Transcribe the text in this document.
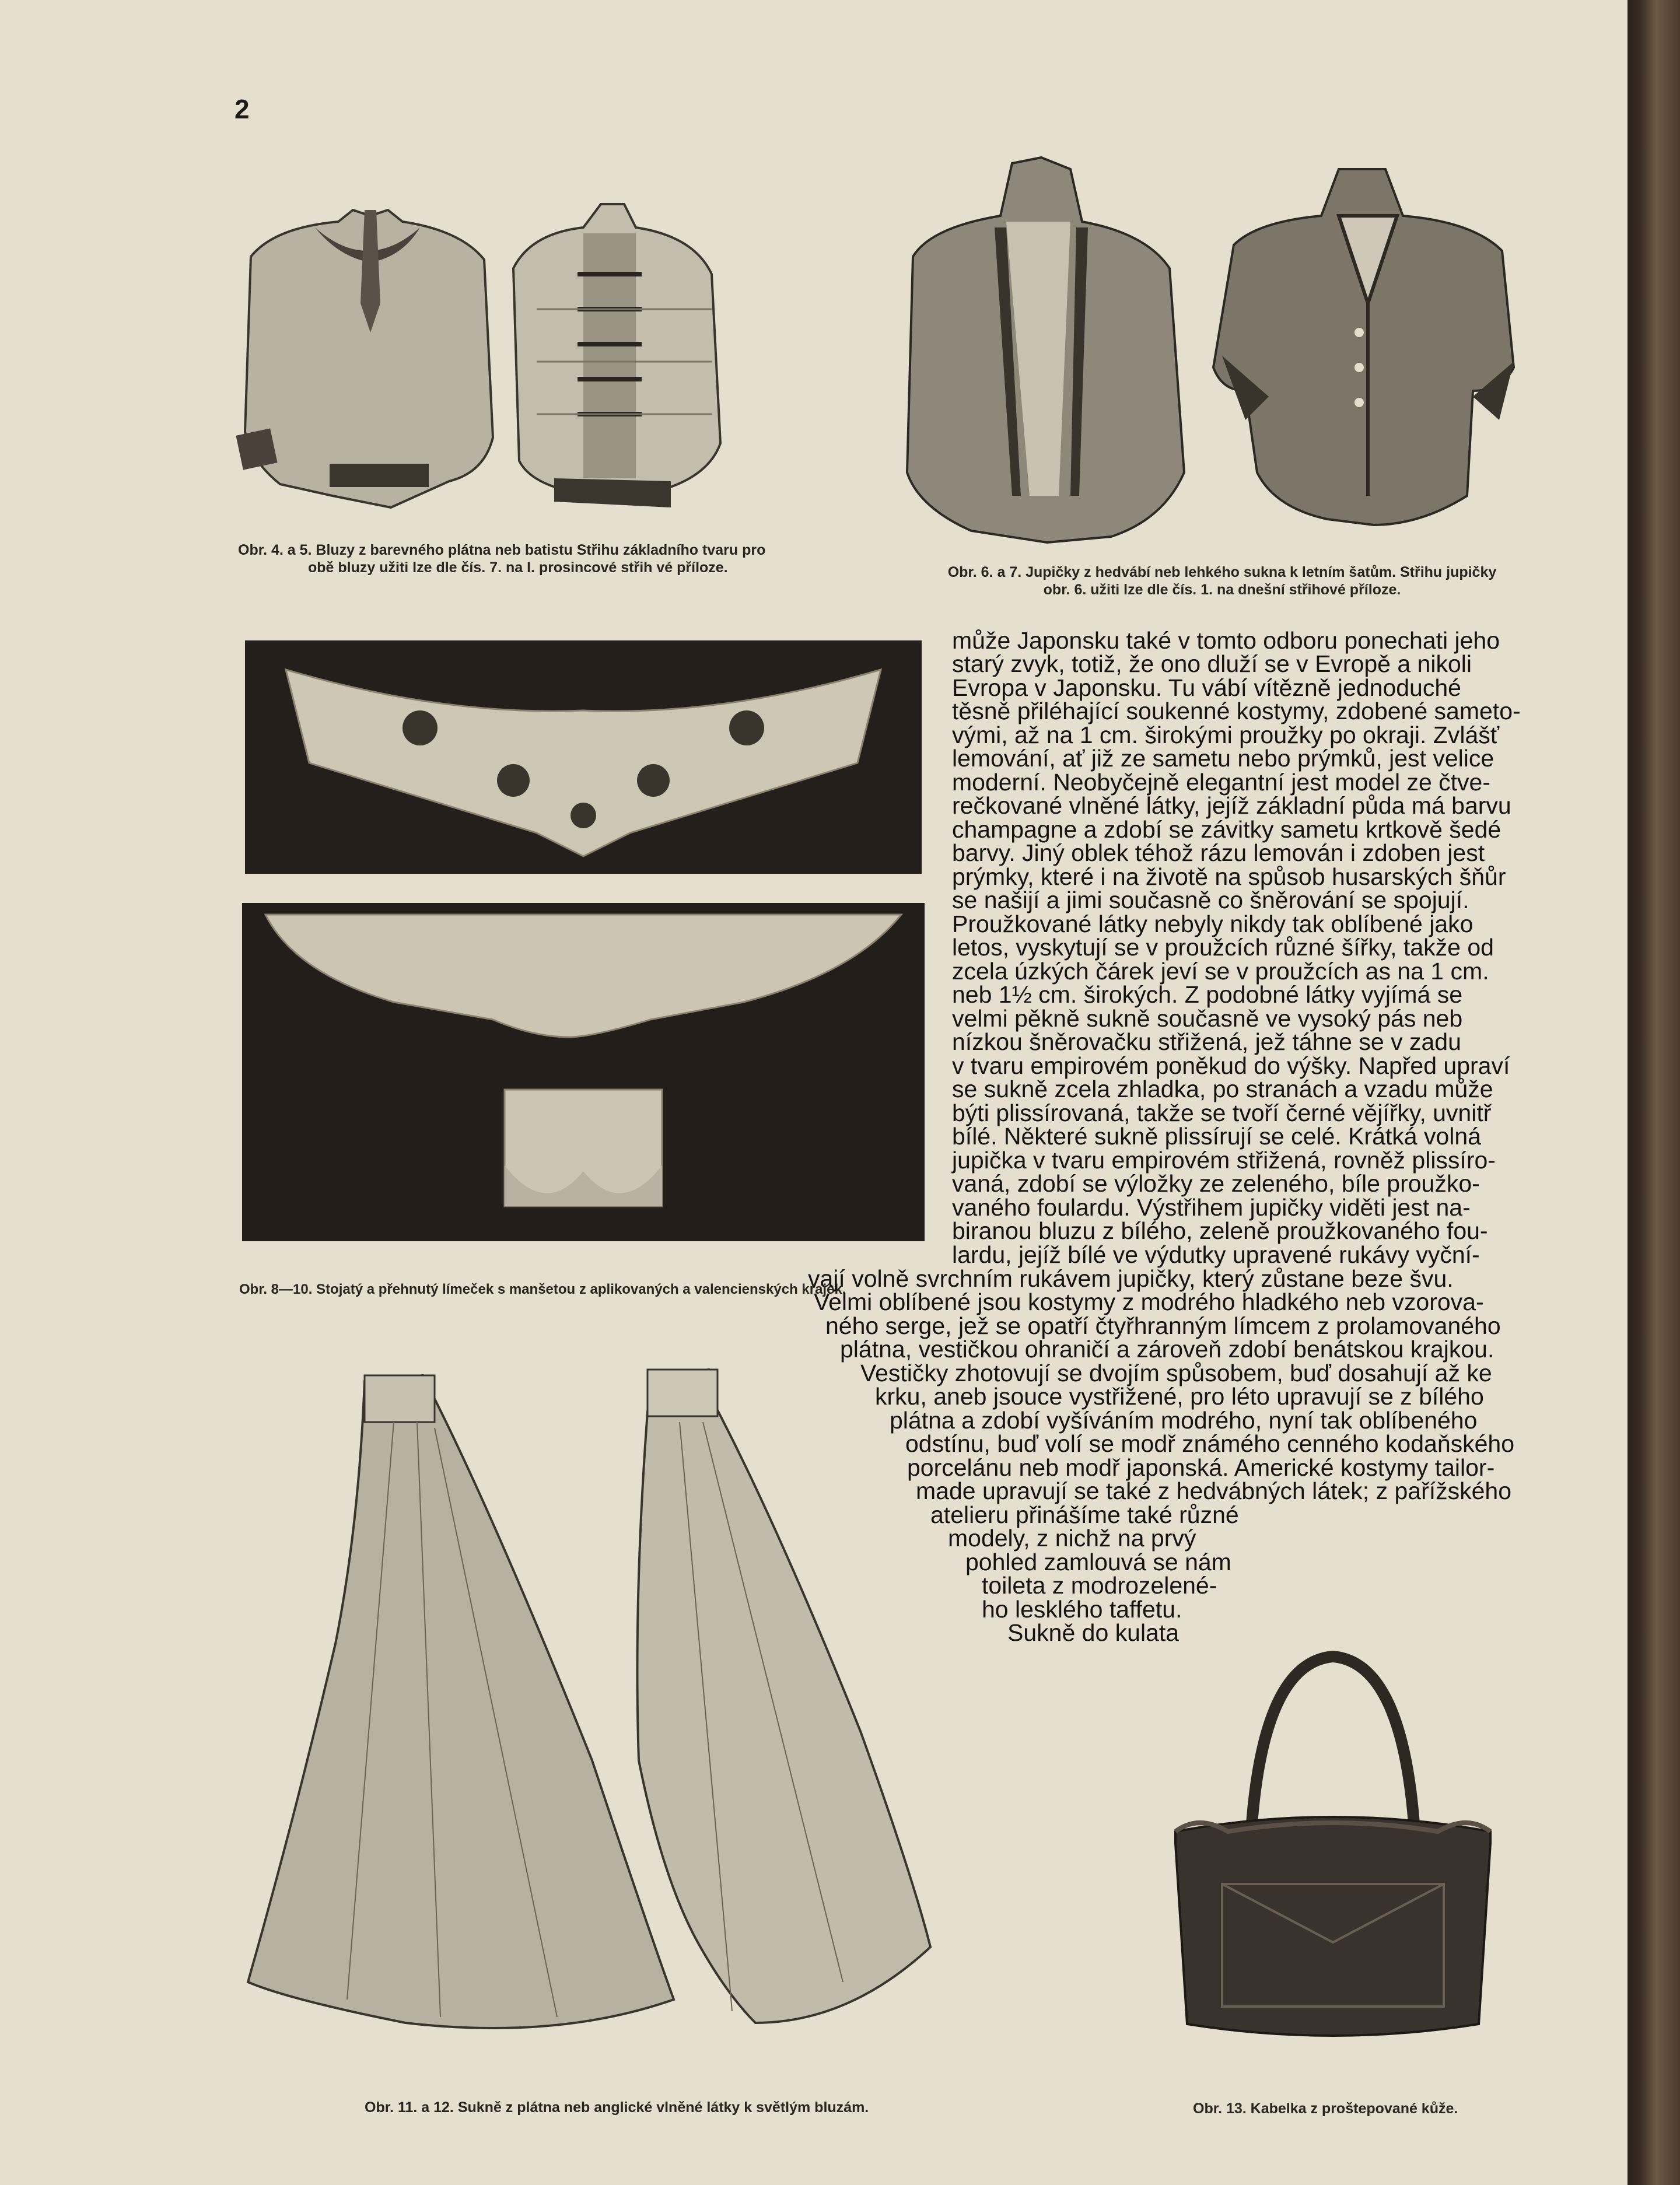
2

Obr. 4. a 5. Bluzy z barevného plátna neb batistu Střihu základního tvaru pro
obě bluzy užiti lze dle čís. 7. na I. prosincové střih vé příloze.	Obr. 6. a 7. Jupičky z hedvábí neb lehkého sukna k letním šatům. Střihu jupičky
obr. 6. užiti lze dle čís. 1. na dnešní střihové příloze.

Obr. 8—10. Stojatý a přehnutý límeček s manšetou z aplikovaných a valencienských krajek.

Obr. 11. a 12. Sukně z plátna neb anglické vlněné látky k světlým bluzám.	Obr. 13. Kabelka z proštepované kůže.

může Japonsku také v tomto odboru ponechati jeho

starý zvyk, totiž, že ono dluží se v Evropě a nikoli

Evropa v Japonsku. Tu vábí vítězně jednoduché

těsně přiléhající soukenné kostymy, zdobené sameto-

vými, až na 1 cm. širokými proužky po okraji. Zvlášť

lemování, ať již ze sametu nebo prýmků, jest velice

moderní. Neobyčejně elegantní jest model ze čtve-

rečkované vlněné látky, jejíž základní půda má barvu

champagne a zdobí se závitky sametu krtkově šedé

barvy. Jiný oblek téhož rázu lemován i zdoben jest

prýmky, které i na životě na spůsob husarských šňůr

se našijí a jimi současně co šněrování se spojují.

Proužkované látky nebyly nikdy tak oblíbené jako

letos, vyskytují se v proužcích různé šířky, takže od

zcela úzkých čárek jeví se v proužcích as na 1 cm.

neb 1½ cm. širokých. Z podobné látky vyjímá se

velmi pěkně sukně současně ve vysoký pás neb

nízkou šněrovačku střižená, jež táhne se v zadu

v tvaru empirovém poněkud do výšky. Napřed upraví

se sukně zcela zhladka, po stranách a vzadu může

býti plissírovaná, takže se tvoří černé vějířky, uvnitř

bílé. Některé sukně plissírují se celé. Krátká volná

jupička v tvaru empirovém střižená, rovněž plissíro-

vaná, zdobí se výložky ze zeleného, bíle proužko-

vaného foulardu. Výstřihem jupičky viděti jest na-

biranou bluzu z bílého, zeleně proužkovaného fou-

lardu, jejíž bílé ve výdutky upravené rukávy vyční-

vají volně svrchním rukávem jupičky, který zůstane beze švu.

Velmi oblíbené jsou kostymy z modrého hladkého neb vzorova-

ného serge, jež se opatří čtyřhranným límcem z prolamovaného

plátna, vestičkou ohraničí a zároveň zdobí benátskou krajkou.

Vestičky zhotovují se dvojím spůsobem, buď dosahují až ke

krku, aneb jsouce vystřižené, pro léto upravují se z bílého

plátna a zdobí vyšíváním modrého, nyní tak oblíbeného

odstínu, buď volí se modř známého cenného kodaňského

porcelánu neb modř japonská. Americké kostymy tailor-

made upravují se také z hedvábných látek; z pařížského

atelieru přinášíme také různé

modely, z nichž na prvý

pohled zamlouvá se nám

toileta z modrozelené-

ho lesklého taffetu.

Sukně do kulata
